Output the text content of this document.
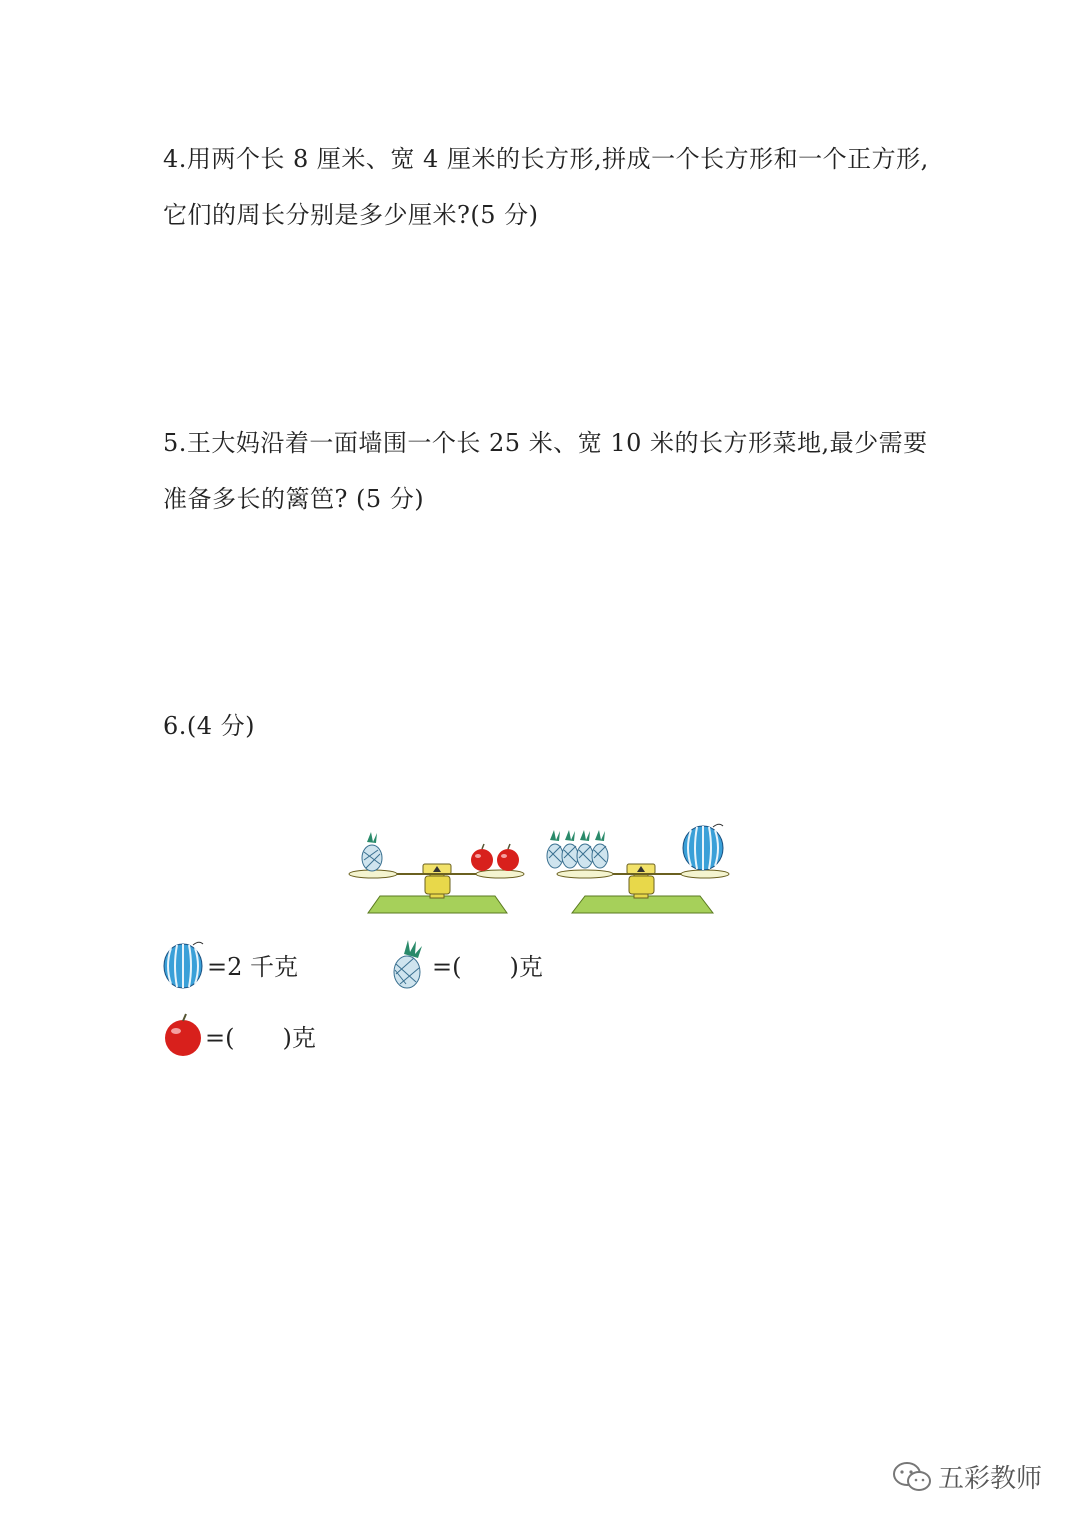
4.用两个长 8 厘米、宽 4 厘米的长方形,拼成一个长方形和一个正方形,它们的周长分别是多少厘米?(5 分)

5.王大妈沿着一面墙围一个长 25 米、宽 10 米的长方形菜地,最少需要准备多长的篱笆? (5 分)

6.(4 分)

=2 千克	=(　　)克
=(　　)克
五彩教师
